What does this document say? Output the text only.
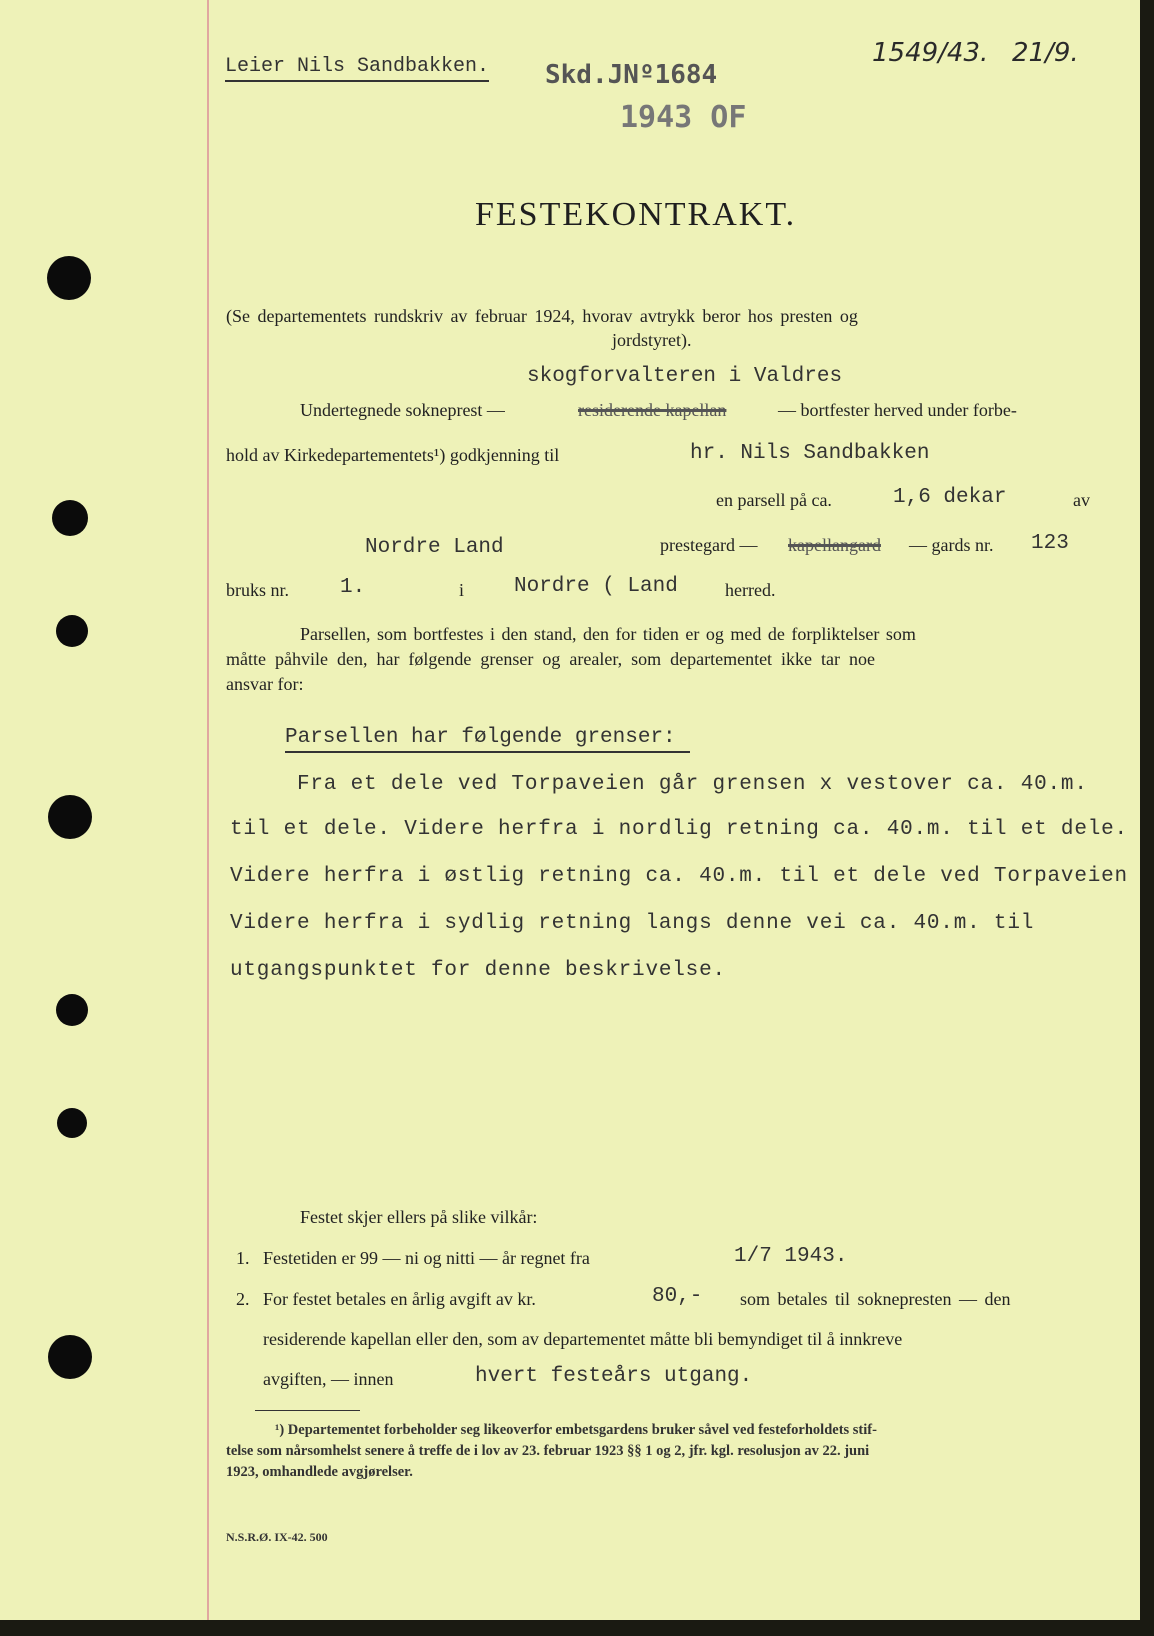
Leier Nils Sandbakken. Skd.JNº1684
1943 OF
1549/43. 21/9.
FESTEKONTRAKT.
(Se departementets rundskriv av februar 1924, hvorav avtrykk beror hos presten og
jordstyret).
skogforvalteren i Valdres
Undertegnede sokneprest —	residerende kapellan	— bortfester herved under forbe-
hold av Kirkedepartementets¹) godkjenning til	hr. Nils Sandbakken
en parsell på ca.	1,6 dekar	av
Nordre Land	prestegard — kapellangard — gards nr. 123
bruks nr. 1.	i Nordre ( Land	herred.
Parsellen, som bortfestes i den stand, den for tiden er og med de forpliktelser som
måtte påhvile den, har følgende grenser og arealer, som departementet ikke tar noe
ansvar for:
Parsellen har følgende grenser:
Fra et dele ved Torpaveien går grensen x vestover ca. 40.m.
til et dele. Videre herfra i nordlig retning ca. 40.m. til et dele.
Videre herfra i østlig retning ca. 40.m. til et dele ved Torpaveien
Videre herfra i sydlig retning langs denne vei ca. 40.m. til
utgangspunktet for denne beskrivelse.
Festet skjer ellers på slike vilkår:
1. Festetiden er 99 — ni og nitti — år regnet fra	1/7 1943.
2. For festet betales en årlig avgift av kr.	80,- som betales til soknepresten — den
residerende kapellan eller den, som av departementet måtte bli bemyndiget til å innkreve
avgiften, — innen	hvert festeårs utgang.
¹) Departementet forbeholder seg likeoverfor embetsgardens bruker såvel ved festeforholdets stif-
telse som nårsomhelst senere å treffe de i lov av 23. februar 1923 §§ 1 og 2, jfr. kgl. resolusjon av 22. juni
1923, omhandlede avgjørelser.
N.S.R.Ø. IX-42. 500
